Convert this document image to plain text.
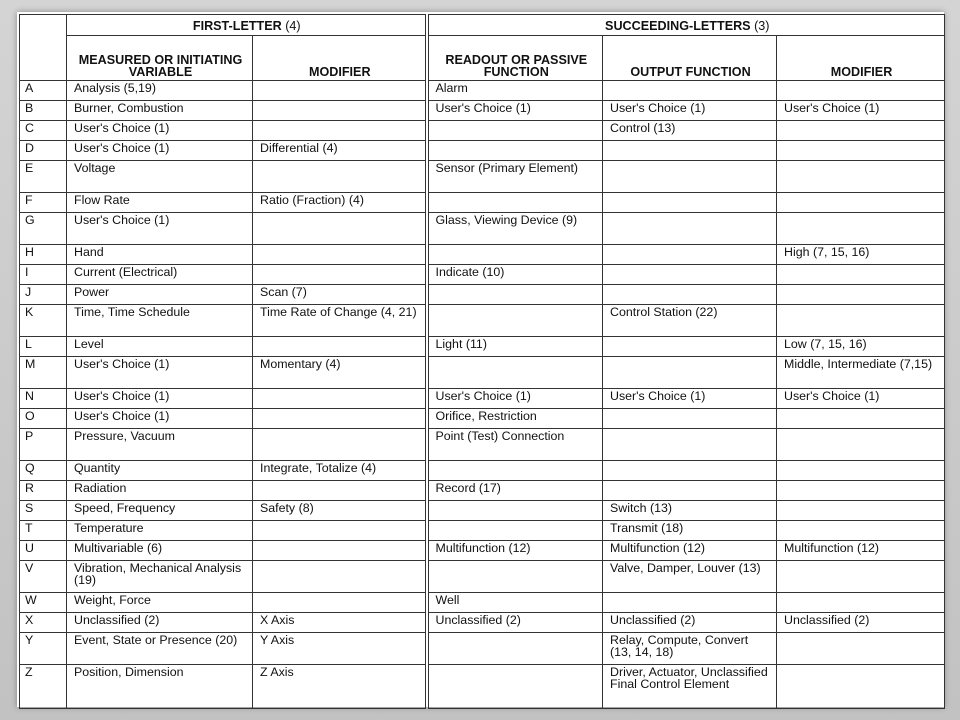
	FIRST-LETTER (4)		SUCCEEDING-LETTERS (3)		
	MEASURED OR INITIATING VARIABLE	MODIFIER	READOUT OR PASSIVE FUNCTION	OUTPUT FUNCTION	MODIFIER
A	Analysis (5,19)		Alarm		
B	Burner, Combustion		User's Choice (1)	User's Choice (1)	User's Choice (1)
C	User's Choice (1)			Control (13)	
D	User's Choice (1)	Differential (4)			
E	Voltage		Sensor (Primary Element)		
F	Flow Rate	Ratio (Fraction) (4)			
G	User's Choice (1)		Glass, Viewing Device (9)		
H	Hand				High (7, 15, 16)
I	Current (Electrical)		Indicate (10)		
J	Power	Scan (7)			
K	Time, Time Schedule	Time Rate of Change (4, 21)		Control Station (22)	
L	Level		Light (11)		Low (7, 15, 16)
M	User's Choice (1)	Momentary (4)			Middle, Intermediate (7,15)
N	User's Choice (1)		User's Choice (1)	User's Choice (1)	User's Choice (1)
O	User's Choice (1)		Orifice, Restriction		
P	Pressure, Vacuum		Point (Test) Connection		
Q	Quantity	Integrate, Totalize (4)			
R	Radiation		Record (17)		
S	Speed, Frequency	Safety (8)		Switch (13)	
T	Temperature			Transmit (18)	
U	Multivariable (6)		Multifunction (12)	Multifunction (12)	Multifunction (12)
V	Vibration, Mechanical Analysis (19)			Valve, Damper, Louver (13)	
W	Weight, Force		Well		
X	Unclassified (2)	X Axis	Unclassified (2)	Unclassified (2)	Unclassified (2)
Y	Event, State or Presence (20)	Y Axis		Relay, Compute, Convert (13, 14, 18)	
Z	Position, Dimension	Z Axis		Driver, Actuator, Unclassified Final Control Element	
